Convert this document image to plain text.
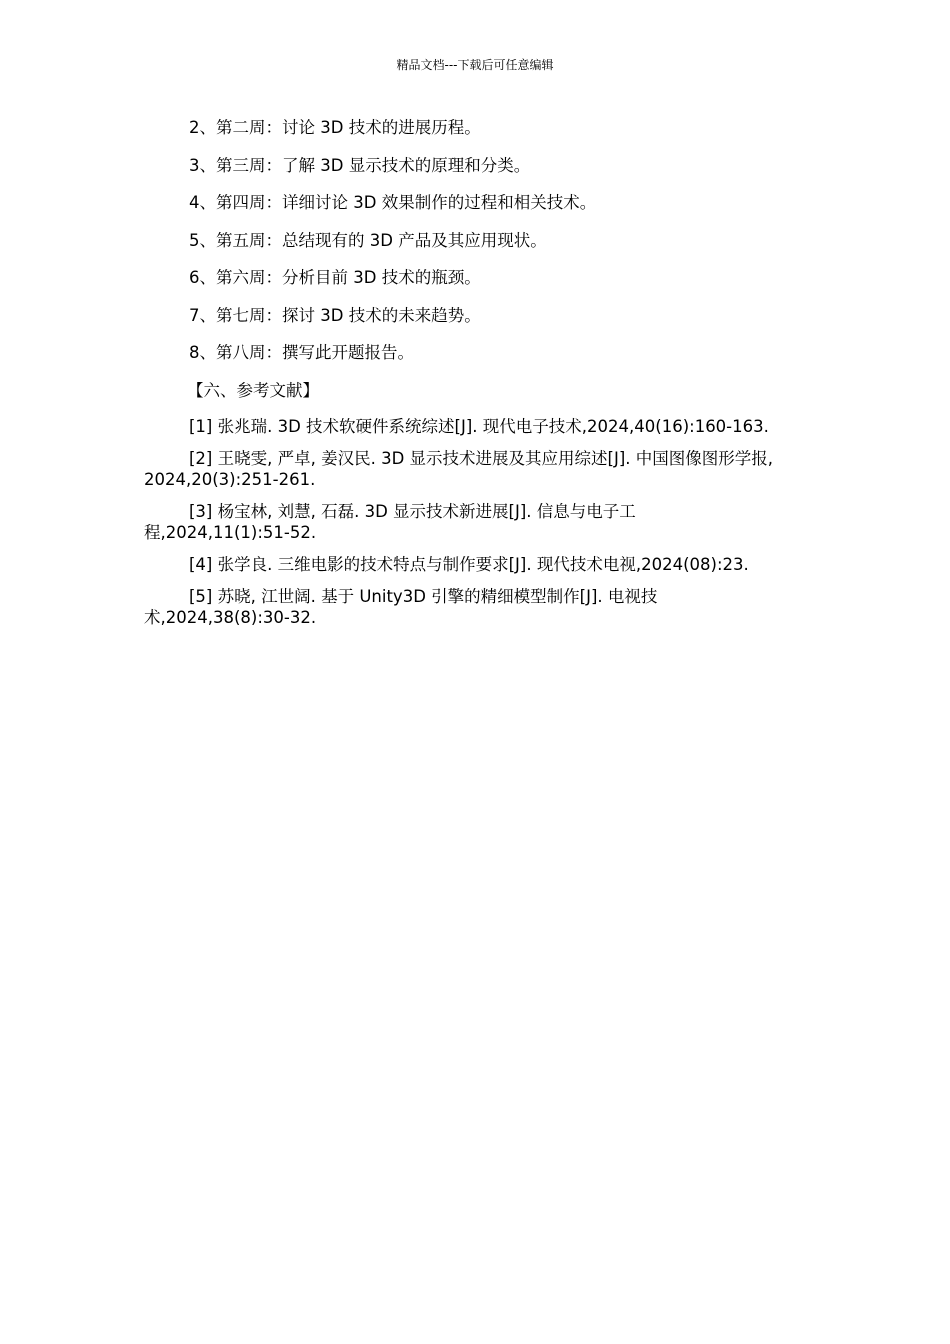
精品文档---下载后可任意编辑

2、第二周：讨论 3D 技术的进展历程。

3、第三周：了解 3D 显示技术的原理和分类。

4、第四周：详细讨论 3D 效果制作的过程和相关技术。

5、第五周：总结现有的 3D 产品及其应用现状。

6、第六周：分析目前 3D 技术的瓶颈。

7、第七周：探讨 3D 技术的未来趋势。

8、第八周：撰写此开题报告。

【六、参考文献】

[1] 张兆瑞. 3D 技术软硬件系统综述[J]. 现代电子技术,2024,40(16):160-163.
[2] 王晓雯, 严卓, 姜汉民. 3D 显示技术进展及其应用综述[J]. 中国图像图形学报,
2024,20(3):251-261.
[3] 杨宝林, 刘慧, 石磊. 3D 显示技术新进展[J]. 信息与电子工
程,2024,11(1):51-52.
[4] 张学良. 三维电影的技术特点与制作要求[J]. 现代技术电视,2024(08):23.
[5] 苏晓, 江世阔. 基于 Unity3D 引擎的精细模型制作[J]. 电视技
术,2024,38(8):30-32.
